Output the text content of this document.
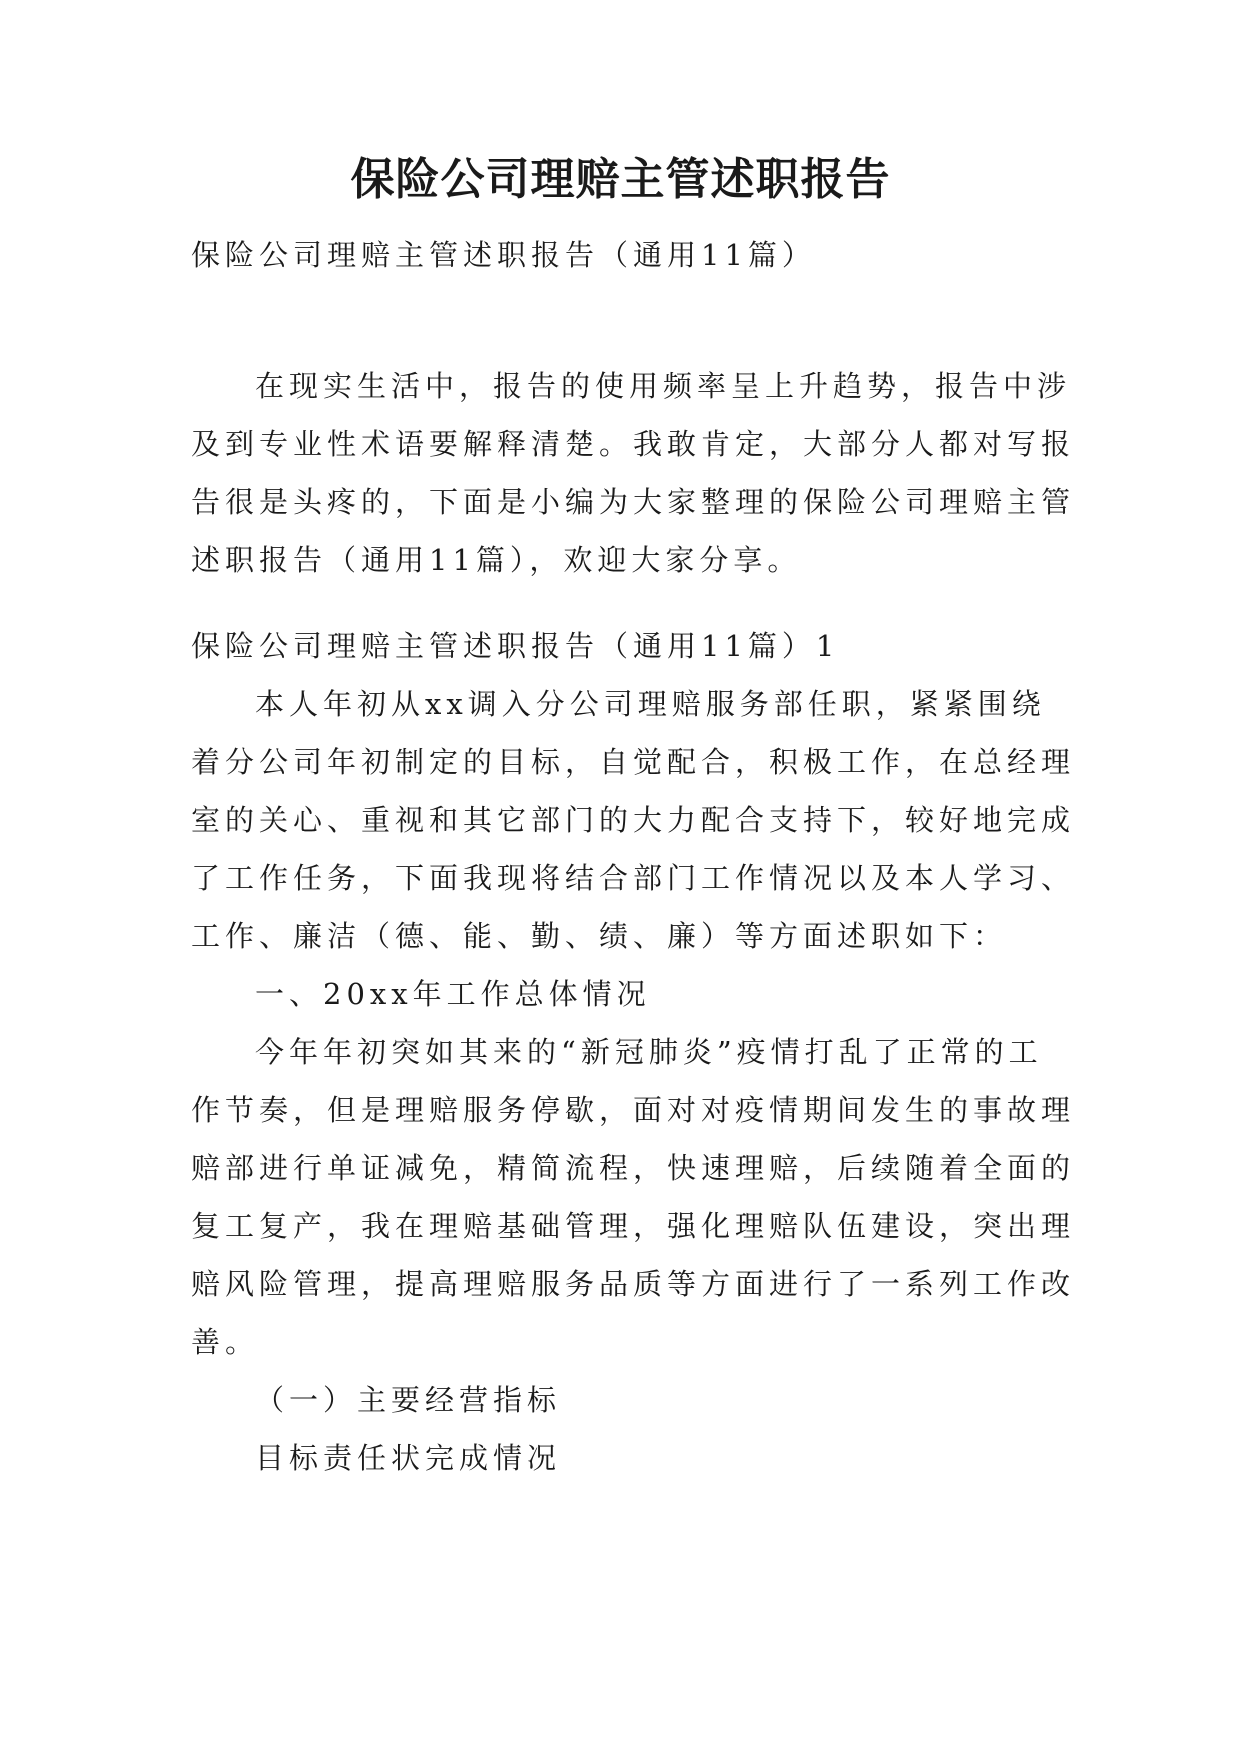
保险公司理赔主管述职报告

保险公司理赔主管述职报告（通用11篇）

在现实生活中，报告的使用频率呈上升趋势，报告中涉
及到专业性术语要解释清楚。我敢肯定，大部分人都对写报
告很是头疼的，下面是小编为大家整理的保险公司理赔主管
述职报告（通用11篇），欢迎大家分享。
保险公司理赔主管述职报告（通用11篇）1
本人年初从xx调入分公司理赔服务部任职，紧紧围绕
着分公司年初制定的目标，自觉配合，积极工作，在总经理
室的关心、重视和其它部门的大力配合支持下，较好地完成
了工作任务，下面我现将结合部门工作情况以及本人学习、
工作、廉洁（德、能、勤、绩、廉）等方面述职如下：
一、20xx年工作总体情况
今年年初突如其来的“新冠肺炎”疫情打乱了正常的工
作节奏，但是理赔服务停歇，面对对疫情期间发生的事故理
赔部进行单证减免，精简流程，快速理赔，后续随着全面的
复工复产，我在理赔基础管理，强化理赔队伍建设，突出理
赔风险管理，提高理赔服务品质等方面进行了一系列工作改
善。
（一）主要经营指标
目标责任状完成情况
